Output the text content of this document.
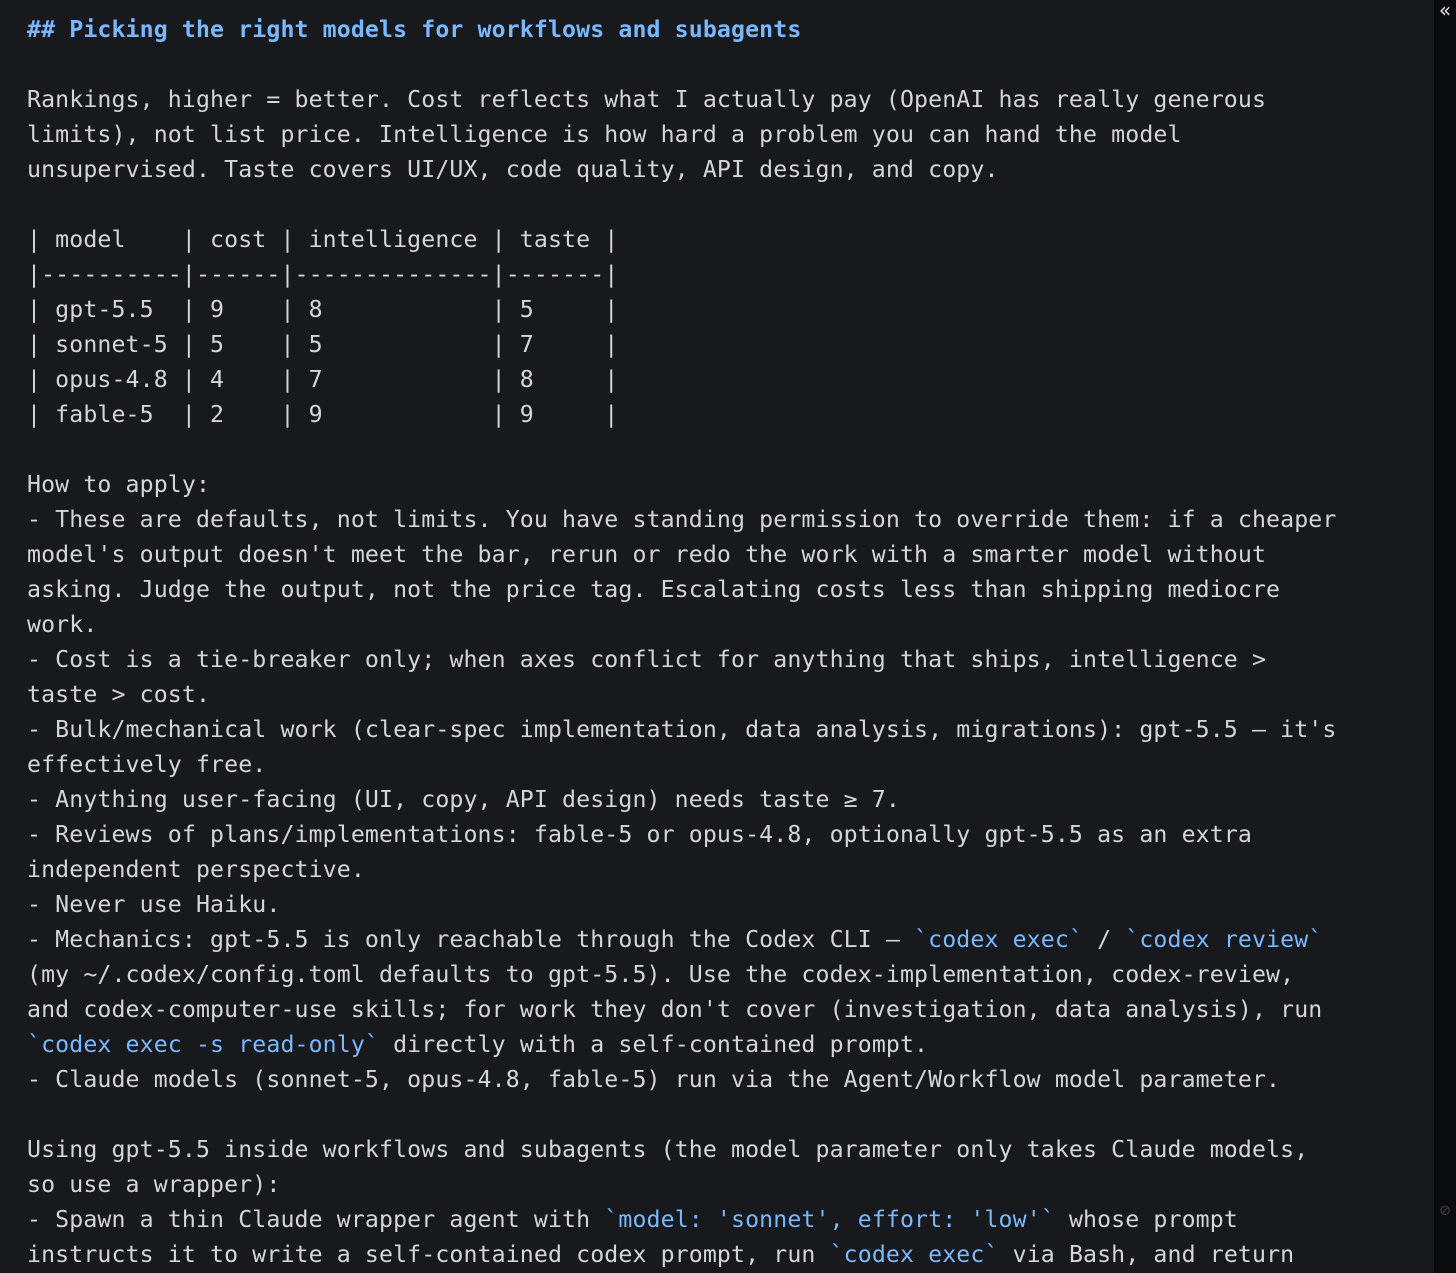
## Picking the right models for workflows and subagents
Rankings, higher = better. Cost reflects what I actually pay (OpenAI has really generous
limits), not list price. Intelligence is how hard a problem you can hand the model
unsupervised. Taste covers UI/UX, code quality, API design, and copy.
| model    | cost | intelligence | taste |
|----------|------|--------------|-------|
| gpt-5.5  | 9    | 8            | 5     |
| sonnet-5 | 5    | 5            | 7     |
| opus-4.8 | 4    | 7            | 8     |
| fable-5  | 2    | 9            | 9     |
How to apply:
- These are defaults, not limits. You have standing permission to override them: if a cheaper
model's output doesn't meet the bar, rerun or redo the work with a smarter model without
asking. Judge the output, not the price tag. Escalating costs less than shipping mediocre
work.
- Cost is a tie-breaker only; when axes conflict for anything that ships, intelligence >
taste > cost.
- Bulk/mechanical work (clear-spec implementation, data analysis, migrations): gpt-5.5 — it's
effectively free.
- Anything user-facing (UI, copy, API design) needs taste ≥ 7.
- Reviews of plans/implementations: fable-5 or opus-4.8, optionally gpt-5.5 as an extra
independent perspective.
- Never use Haiku.
- Mechanics: gpt-5.5 is only reachable through the Codex CLI — `codex exec` / `codex review`
(my ~/.codex/config.toml defaults to gpt-5.5). Use the codex-implementation, codex-review,
and codex-computer-use skills; for work they don't cover (investigation, data analysis), run
`codex exec -s read-only` directly with a self-contained prompt.
- Claude models (sonnet-5, opus-4.8, fable-5) run via the Agent/Workflow model parameter.
Using gpt-5.5 inside workflows and subagents (the model parameter only takes Claude models,
so use a wrapper):
- Spawn a thin Claude wrapper agent with `model: 'sonnet', effort: 'low'` whose prompt
instructs it to write a self-contained codex prompt, run `codex exec` via Bash, and return
«
⊘
